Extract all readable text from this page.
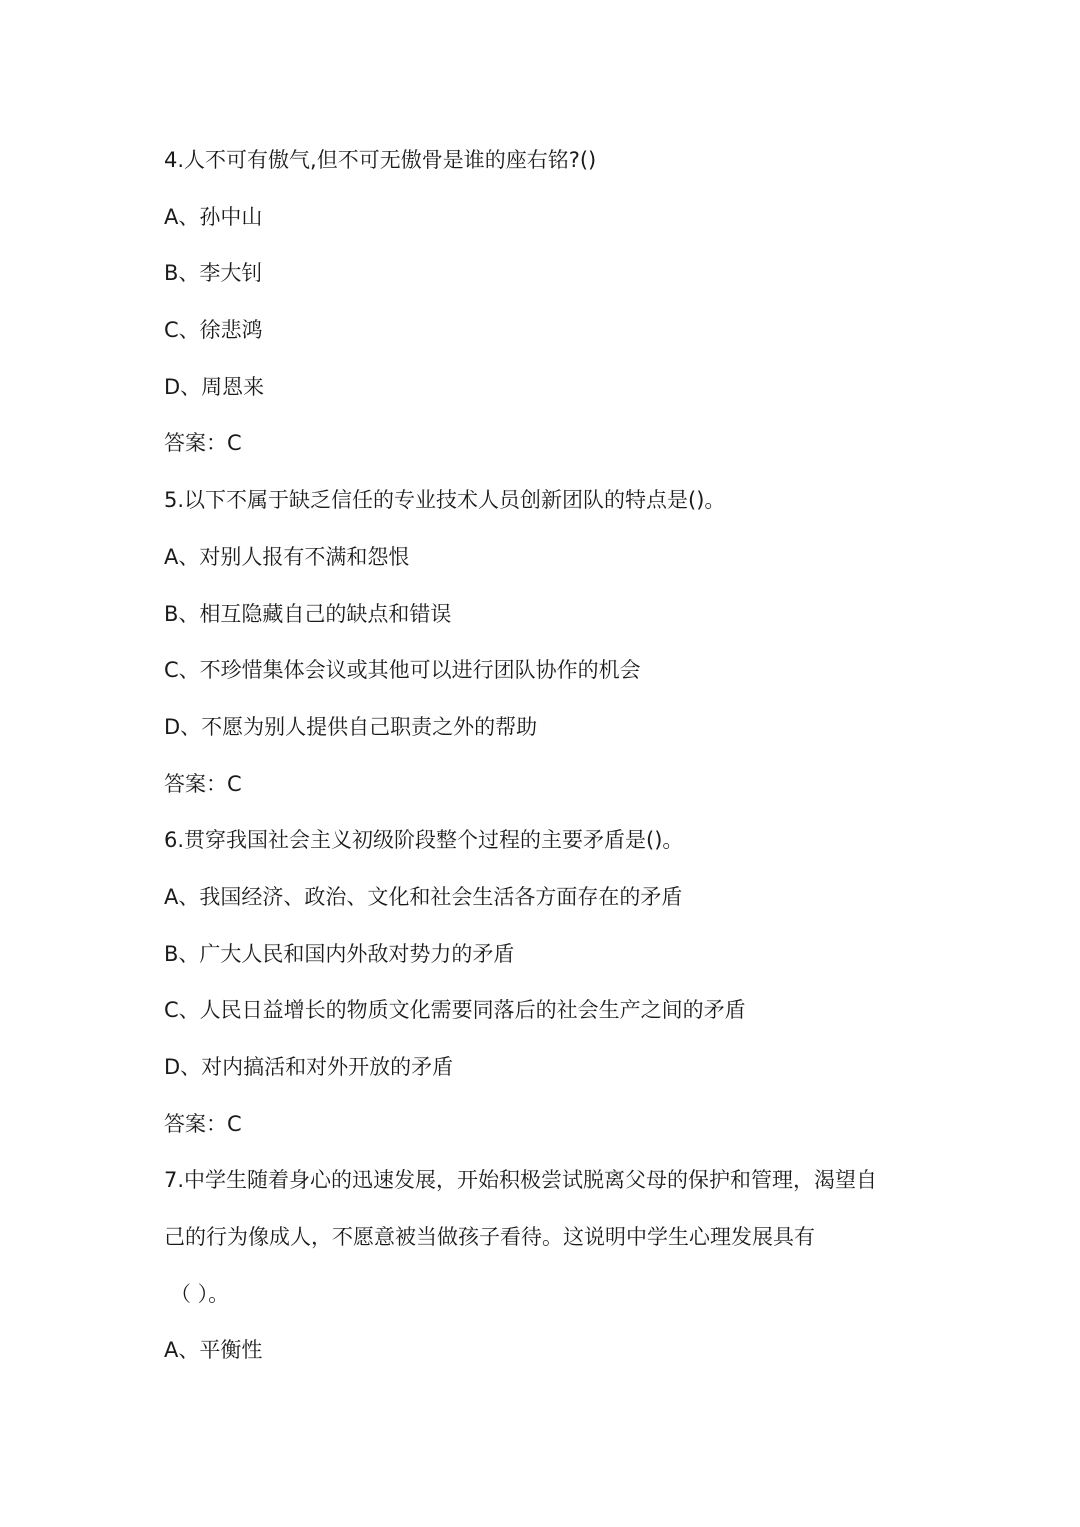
4.人不可有傲气,但不可无傲骨是谁的座右铭?()
A、孙中山
B、李大钊
C、徐悲鸿
D、周恩来
答案：C
5.以下不属于缺乏信任的专业技术人员创新团队的特点是()。
A、对别人报有不满和怨恨
B、相互隐藏自己的缺点和错误
C、不珍惜集体会议或其他可以进行团队协作的机会
D、不愿为别人提供自己职责之外的帮助
答案：C
6.贯穿我国社会主义初级阶段整个过程的主要矛盾是()。
A、我国经济、政治、文化和社会生活各方面存在的矛盾
B、广大人民和国内外敌对势力的矛盾
C、人民日益增长的物质文化需要同落后的社会生产之间的矛盾
D、对内搞活和对外开放的矛盾
答案：C
7.中学生随着身心的迅速发展，开始积极尝试脱离父母的保护和管理，渴望自
己的行为像成人，不愿意被当做孩子看待。这说明中学生心理发展具有
（ ）。
A、平衡性
